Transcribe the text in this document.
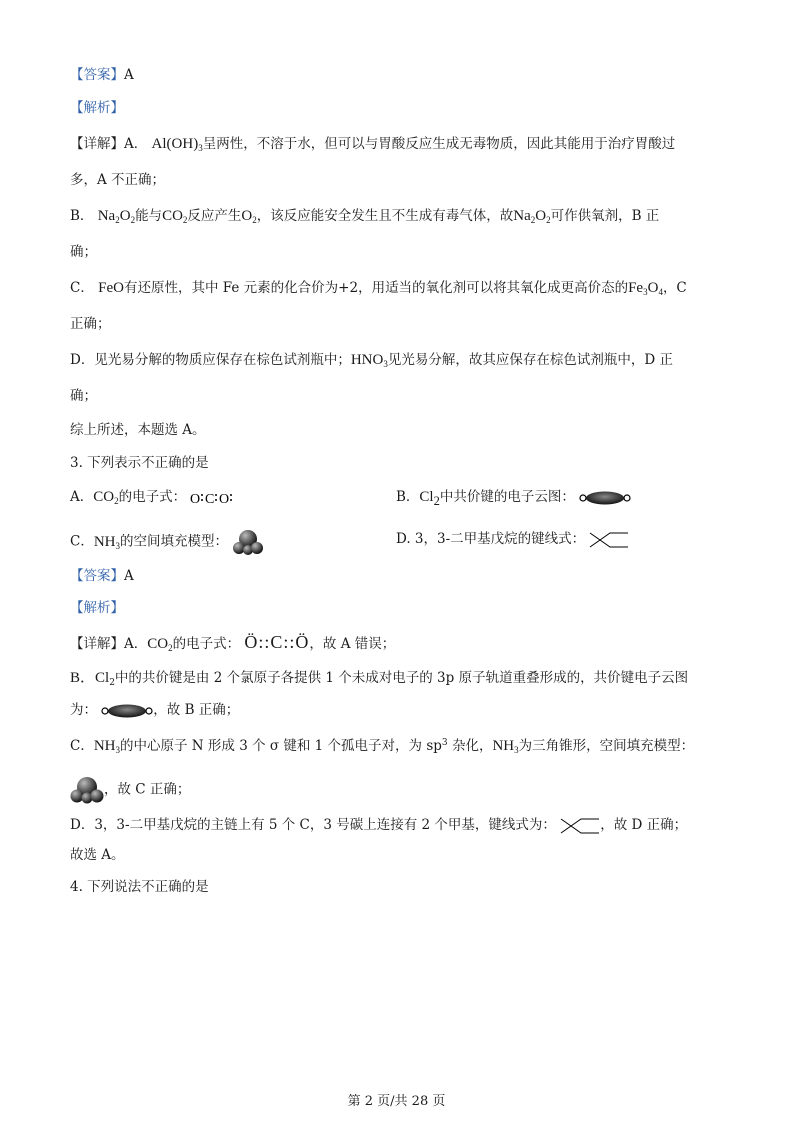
【答案】A
【解析】
【详解】A． $Al(OH)_3$呈两性，不溶于水，但可以与胃酸反应生成无毒物质，因此其能用于治疗胃酸过
多，A 不正确；
B． $Na_2O_2$能与$CO_2$反应产生$O_2$，该反应能安全发生且不生成有毒气体，故$Na_2O_2$可作供氧剂，B 正
确；
C． FeO有还原性，其中 Fe 元素的化合价为+2，用适当的氧化剂可以将其氧化成更高价态的$Fe_3O_4$，C
正确；
D．见光易分解的物质应保存在棕色试剂瓶中；$HNO_3$见光易分解，故其应保存在棕色试剂瓶中，D 正
确；
综上所述，本题选 A。
3. 下列表示不正确的是
A．$CO_2$的电子式： O C O	B．$Cl_2$中共价键的电子云图：
C．$NH_3$的空间填充模型：	D. 3，3-二甲基戊烷的键线式：
【答案】A
【解析】
【详解】A．$CO_2$的电子式： Ö::C::Ö，故 A 错误；
B．$Cl_2$中的共价键是由 2 个氯原子各提供 1 个未成对电子的 3p 原子轨道重叠形成的，共价键电子云图
为：	，故 B 正确；
C．$NH_3$的中心原子 N 形成 3 个 σ 键和 1 个孤电子对，为 $sp^3$ 杂化，$NH_3$为三角锥形，空间填充模型：
，故 C 正确；
D．3，3-二甲基戊烷的主链上有 5 个 C，3 号碳上连接有 2 个甲基，键线式为：	，故 D 正确；
故选 A。
4. 下列说法不正确的是
第 2 页/共 28 页
